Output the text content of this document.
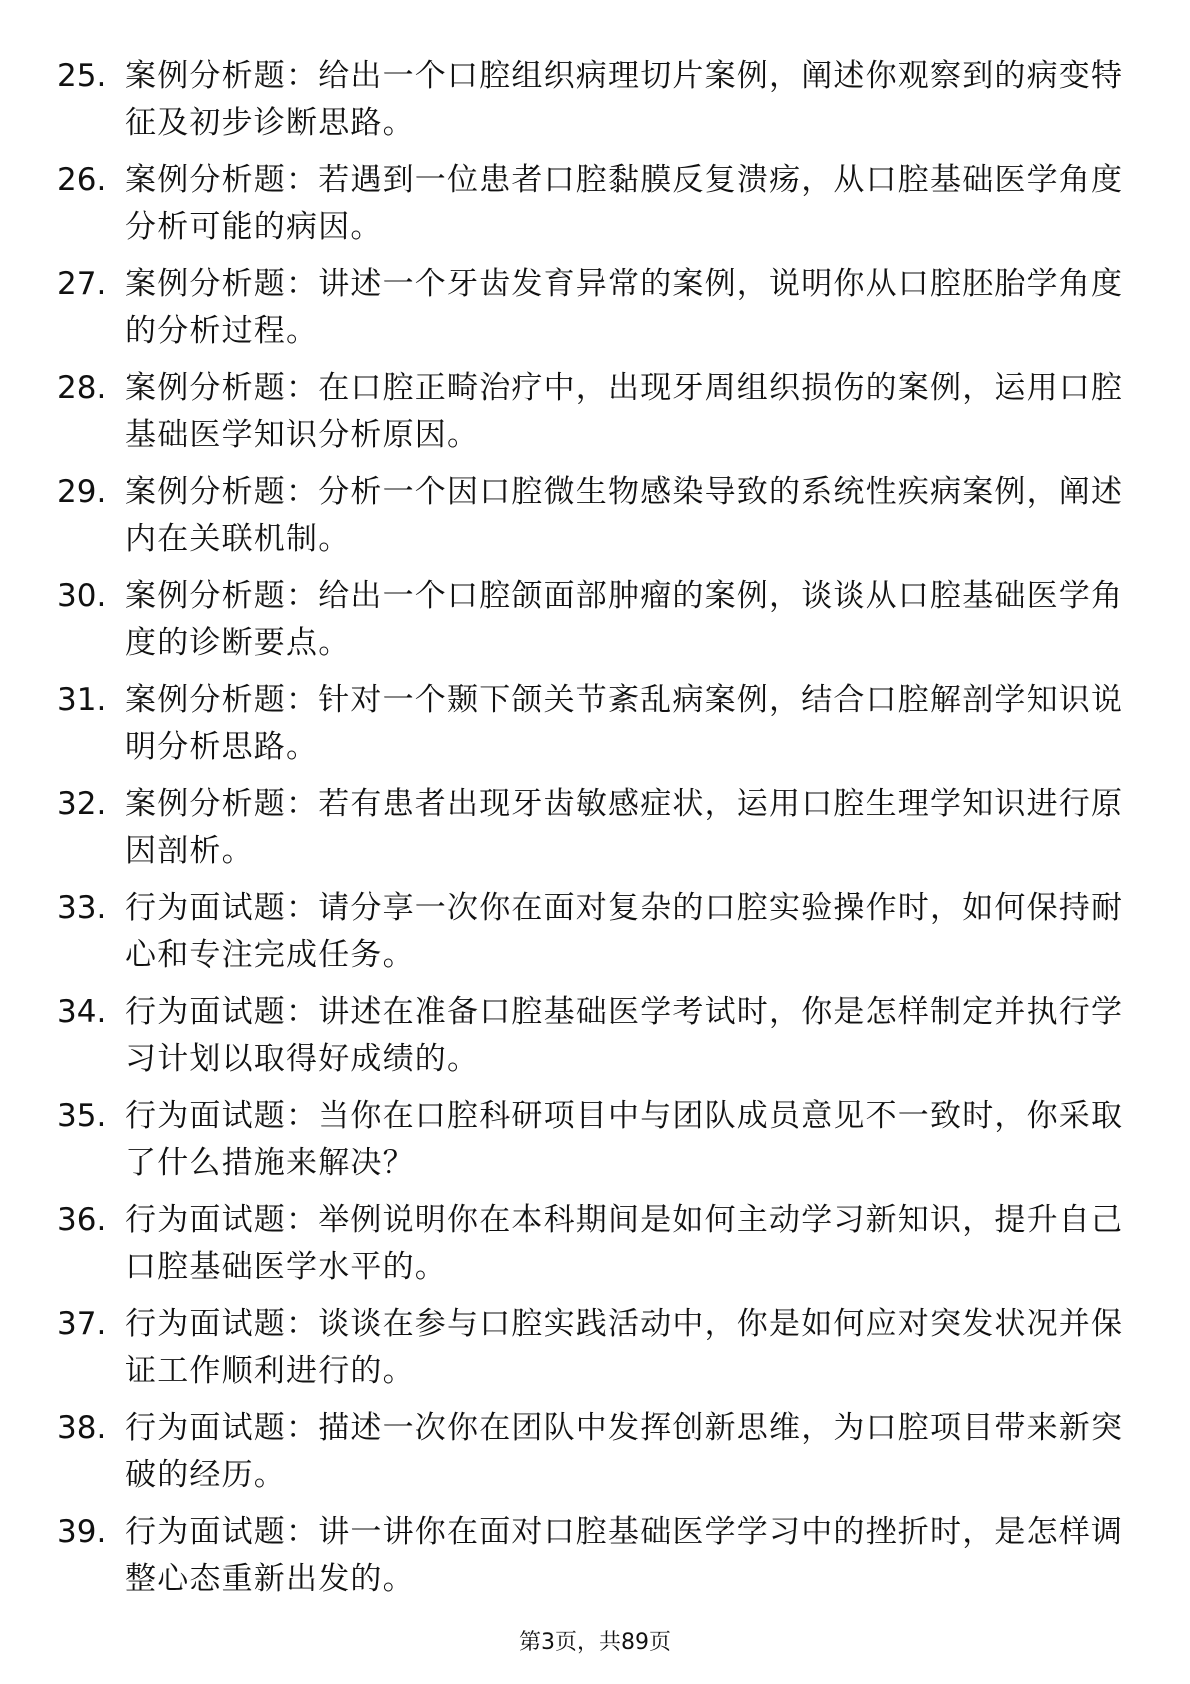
25. 案例分析题：给出一个口腔组织病理切片案例，阐述你观察到的病变特征及初步诊断思路。
26. 案例分析题：若遇到一位患者口腔黏膜反复溃疡，从口腔基础医学角度分析可能的病因。
27. 案例分析题：讲述一个牙齿发育异常的案例，说明你从口腔胚胎学角度的分析过程。
28. 案例分析题：在口腔正畸治疗中，出现牙周组织损伤的案例，运用口腔基础医学知识分析原因。
29. 案例分析题：分析一个因口腔微生物感染导致的系统性疾病案例，阐述内在关联机制。
30. 案例分析题：给出一个口腔颌面部肿瘤的案例，谈谈从口腔基础医学角度的诊断要点。
31. 案例分析题：针对一个颞下颌关节紊乱病案例，结合口腔解剖学知识说明分析思路。
32. 案例分析题：若有患者出现牙齿敏感症状，运用口腔生理学知识进行原因剖析。
33. 行为面试题：请分享一次你在面对复杂的口腔实验操作时，如何保持耐心和专注完成任务。
34. 行为面试题：讲述在准备口腔基础医学考试时，你是怎样制定并执行学习计划以取得好成绩的。
35. 行为面试题：当你在口腔科研项目中与团队成员意见不一致时，你采取了什么措施来解决？
36. 行为面试题：举例说明你在本科期间是如何主动学习新知识，提升自己口腔基础医学水平的。
37. 行为面试题：谈谈在参与口腔实践活动中，你是如何应对突发状况并保证工作顺利进行的。
38. 行为面试题：描述一次你在团队中发挥创新思维，为口腔项目带来新突破的经历。
39. 行为面试题：讲一讲你在面对口腔基础医学学习中的挫折时，是怎样调整心态重新出发的。
第3页，共89页
